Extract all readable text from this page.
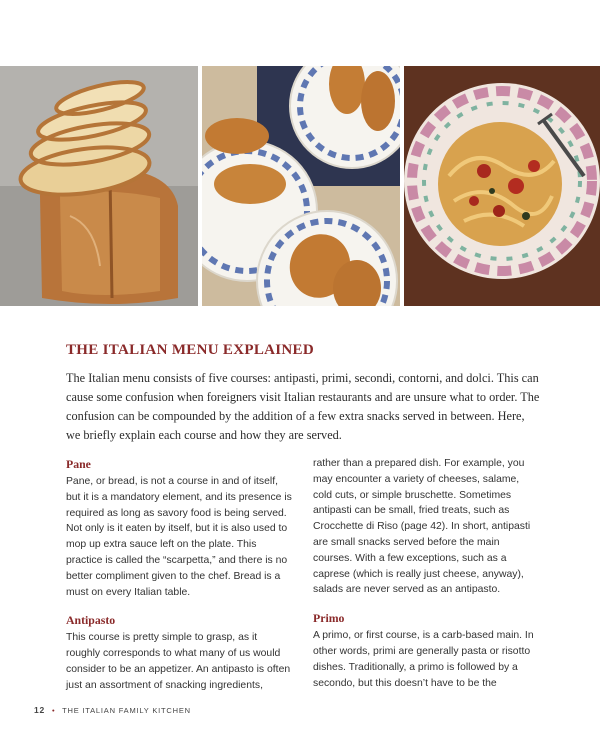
THE ITALIAN MENU EXPLAINED

The Italian menu consists of five courses: antipasti, primi, secondi, contorni, and dolci. This can cause some confusion when foreigners visit Italian restaurants and are unsure what to order. The confusion can be compounded by the addition of a few extra snacks served in between. Here, we briefly explain each course and how they are served.

Pane

Pane, or bread, is not a course in and of itself, but it is a mandatory element, and its presence is required as long as savory food is being served. Not only is it eaten by itself, but it is also used to mop up extra sauce left on the plate. This practice is called the “scarpetta,” and there is no better compliment given to the chef. Bread is a must on every Italian table.

Antipasto

This course is pretty simple to grasp, as it roughly corresponds to what many of us would consider to be an appetizer. An antipasto is often just an assortment of snacking ingredients,

rather than a prepared dish. For example, you may encounter a variety of cheeses, salame, cold cuts, or simple bruschette. Sometimes antipasti can be small, fried treats, such as Crocchette di Riso (page 42). In short, antipasti are small snacks served before the main courses. With a few exceptions, such as a caprese (which is really just cheese, anyway), salads are never served as an antipasto.

Primo

A primo, or first course, is a carb-based main. In other words, primi are generally pasta or risotto dishes. Traditionally, a primo is followed by a secondo, but this doesn’t have to be the

12 • THE ITALIAN FAMILY KITCHEN
